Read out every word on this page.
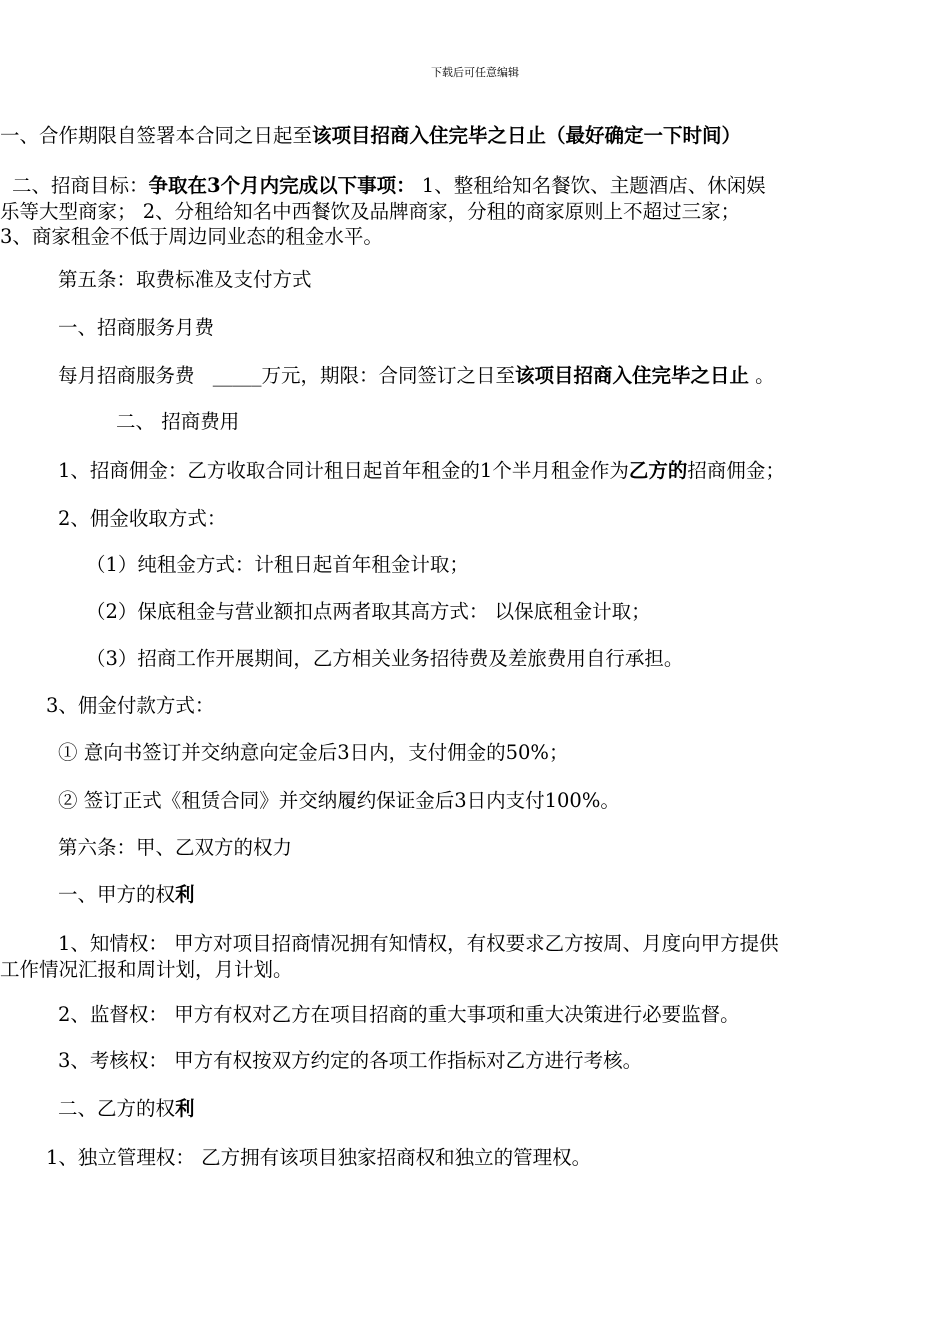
下载后可任意编辑
一、合作期限自签署本合同之日起至该项目招商入住完毕之日止（最好确定一下时间）
二、招商目标：争取在3个月内完成以下事项： 1、整租给知名餐饮、主题酒店、休闲娱
乐等大型商家； 2、分租给知名中西餐饮及品牌商家，分租的商家原则上不超过三家；
3、商家租金不低于周边同业态的租金水平。
第五条：取费标准及支付方式
一、招商服务月费
每月招商服务费 _____万元，期限：合同签订之日至该项目招商入住完毕之日止 。
二、 招商费用
1、招商佣金：乙方收取合同计租日起首年租金的1个半月租金作为乙方的招商佣金；
2、佣金收取方式：
（1）纯租金方式：计租日起首年租金计取；
（2）保底租金与营业额扣点两者取其高方式： 以保底租金计取；
（3）招商工作开展期间，乙方相关业务招待费及差旅费用自行承担。
3、佣金付款方式：
① 意向书签订并交纳意向定金后3日内，支付佣金的50%；
② 签订正式《租赁合同》并交纳履约保证金后3日内支付100%。
第六条：甲、乙双方的权力
一、甲方的权利
1、知情权： 甲方对项目招商情况拥有知情权，有权要求乙方按周、月度向甲方提供
工作情况汇报和周计划，月计划。
2、监督权： 甲方有权对乙方在项目招商的重大事项和重大决策进行必要监督。
3、考核权： 甲方有权按双方约定的各项工作指标对乙方进行考核。
二、乙方的权利
1、独立管理权： 乙方拥有该项目独家招商权和独立的管理权。
